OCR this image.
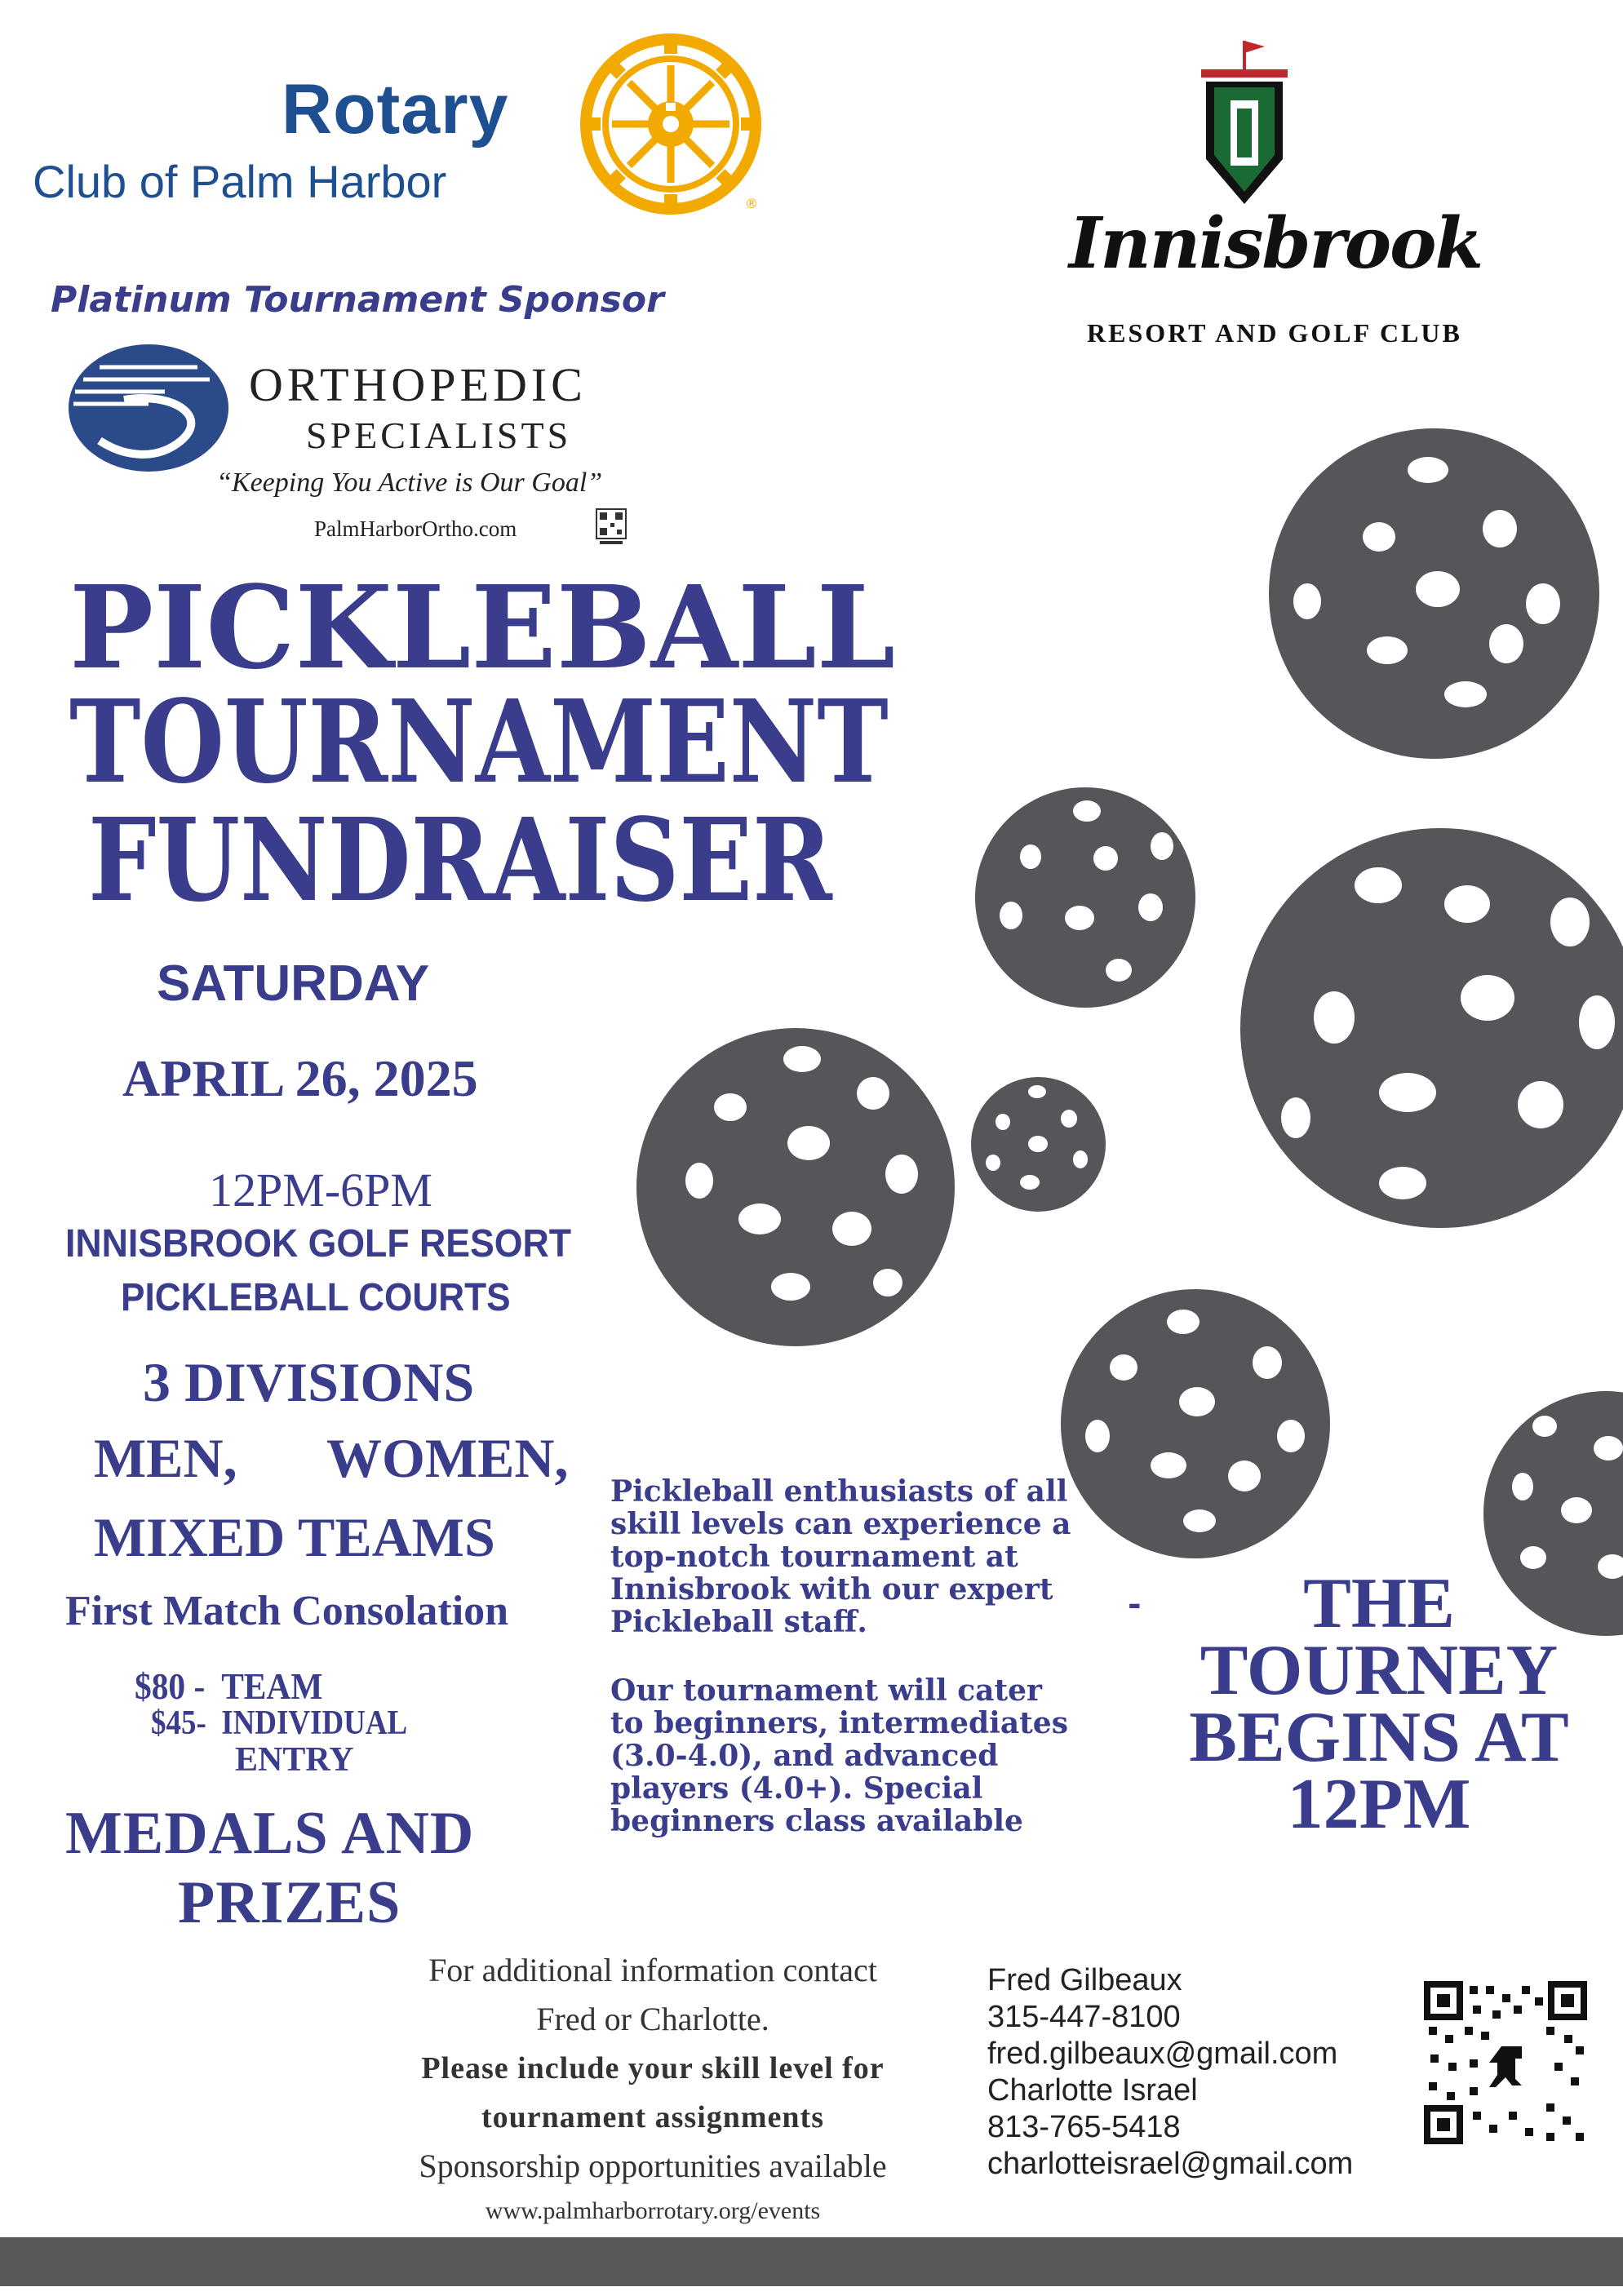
Rotary
®
Club of Palm Harbor
Innisbrook
RESORT AND GOLF CLUB
Platinum Tournament Sponsor
ORTHOPEDIC
SPECIALISTS
“Keeping You Active is Our Goal”
PalmHarborOrtho.com
PICKLEBALL
TOURNAMENT
FUNDRAISER
SATURDAY
APRIL 26, 2025
12PM-6PM
INNISBROOK GOLF RESORT
PICKLEBALL COURTS
3 DIVISIONS
MEN, WOMEN,
MIXED TEAMS
First Match Consolation
$80 -  TEAM
$45-  INDIVIDUAL
ENTRY
MEDALS AND
PRIZES
Pickleball enthusiasts of all
skill levels can experience a
top-notch tournament at
Innisbrook with our expert
Pickleball staff.
Our tournament will cater
to beginners, intermediates
(3.0-4.0), and advanced
players (4.0+). Special
beginners class available
-	THE
TOURNEY
BEGINS AT
12PM
For additional information contact
Fred or Charlotte.
Please include your skill level for
tournament assignments
Sponsorship opportunities available
www.palmharborrotary.org/events
Fred Gilbeaux
315-447-8100
fred.gilbeaux@gmail.com
Charlotte Israel
813-765-5418
charlotteisrael@gmail.com
